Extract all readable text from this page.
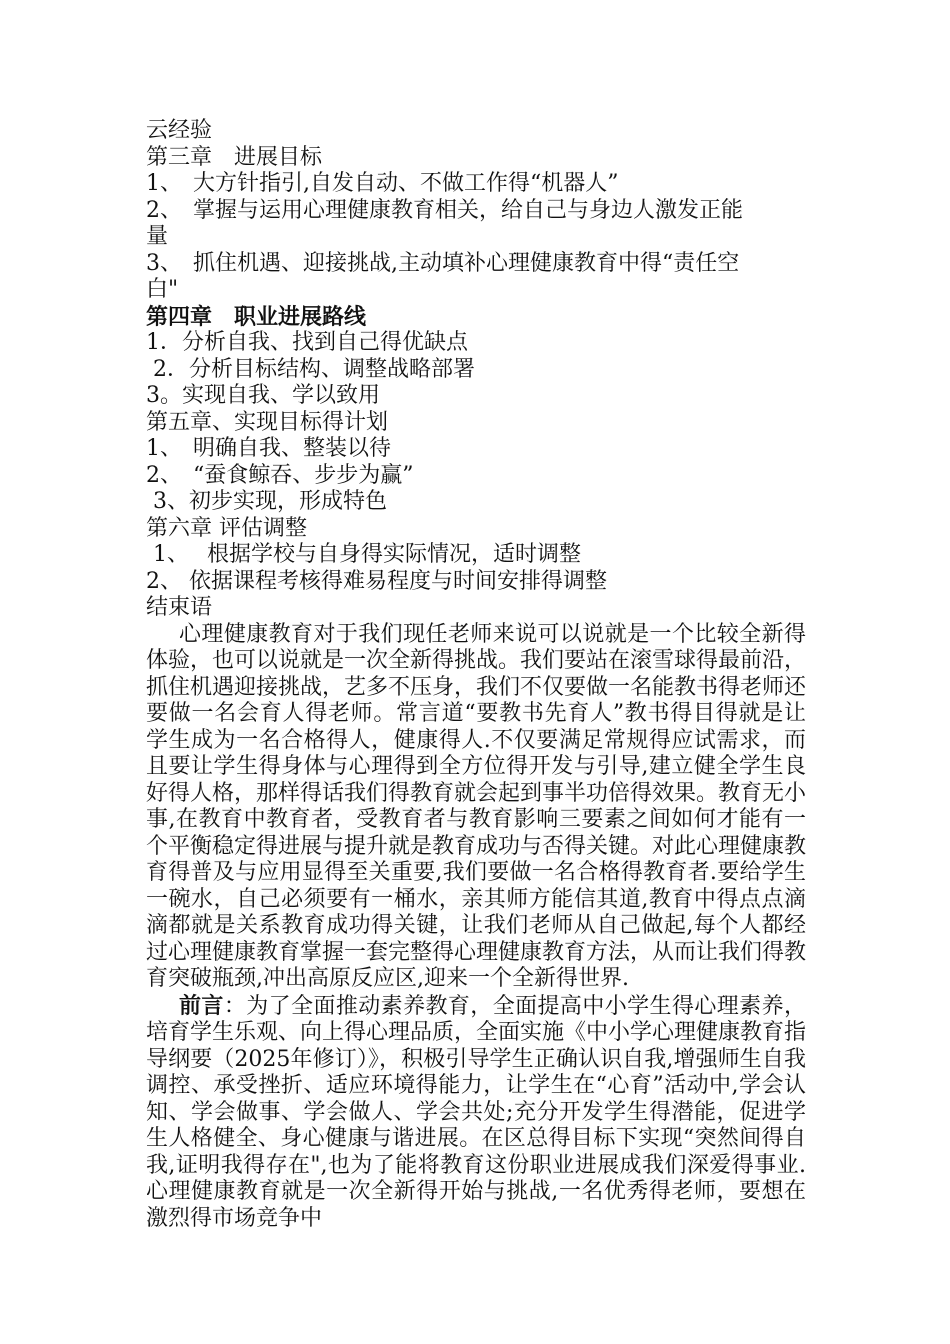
云经验
第三章　进展目标
1、　大方针指引,自发自动、不做工作得“机器人”
2、　掌握与运用心理健康教育相关，给自己与身边人激发正能
量
3、　抓住机遇、迎接挑战,主动填补心理健康教育中得“责任空
白"
第四章　职业进展路线
1．分析自我、找到自己得优缺点
2．分析目标结构、调整战略部署
3。实现自我、学以致用
第五章、实现目标得计划
1、　明确自我、整装以待
2、　“蚕食鲸吞、步步为赢”
3、初步实现，形成特色
第六章 评估调整
1、　 根据学校与自身得实际情况，适时调整
2、 依据课程考核得难易程度与时间安排得调整
结束语
心理健康教育对于我们现任老师来说可以说就是一个比较全新得体验，也可以说就是一次全新得挑战。我们要站在滚雪球得最前沿，抓住机遇迎接挑战，艺多不压身，我们不仅要做一名能教书得老师还要做一名会育人得老师。常言道“要教书先育人”教书得目得就是让学生成为一名合格得人，健康得人.不仅要满足常规得应试需求，而且要让学生得身体与心理得到全方位得开发与引导,建立健全学生良好得人格，那样得话我们得教育就会起到事半功倍得效果。教育无小事,在教育中教育者，受教育者与教育影响三要素之间如何才能有一个平衡稳定得进展与提升就是教育成功与否得关键。对此心理健康教育得普及与应用显得至关重要,我们要做一名合格得教育者.要给学生一碗水，自己必须要有一桶水，亲其师方能信其道,教育中得点点滴滴都就是关系教育成功得关键，让我们老师从自己做起,每个人都经过心理健康教育掌握一套完整得心理健康教育方法，从而让我们得教育突破瓶颈,冲出高原反应区,迎来一个全新得世界.
前言：为了全面推动素养教育，全面提高中小学生得心理素养，培育学生乐观、向上得心理品质，全面实施《中小学心理健康教育指导纲要（2025年修订）》，积极引导学生正确认识自我,增强师生自我调控、承受挫折、适应环境得能力，让学生在“心育”活动中,学会认知、学会做事、学会做人、学会共处;充分开发学生得潜能，促进学生人格健全、身心健康与谐进展。在区总得目标下实现“突然间得自我,证明我得存在",也为了能将教育这份职业进展成我们深爱得事业.心理健康教育就是一次全新得开始与挑战,一名优秀得老师，要想在激烈得市场竞争中
